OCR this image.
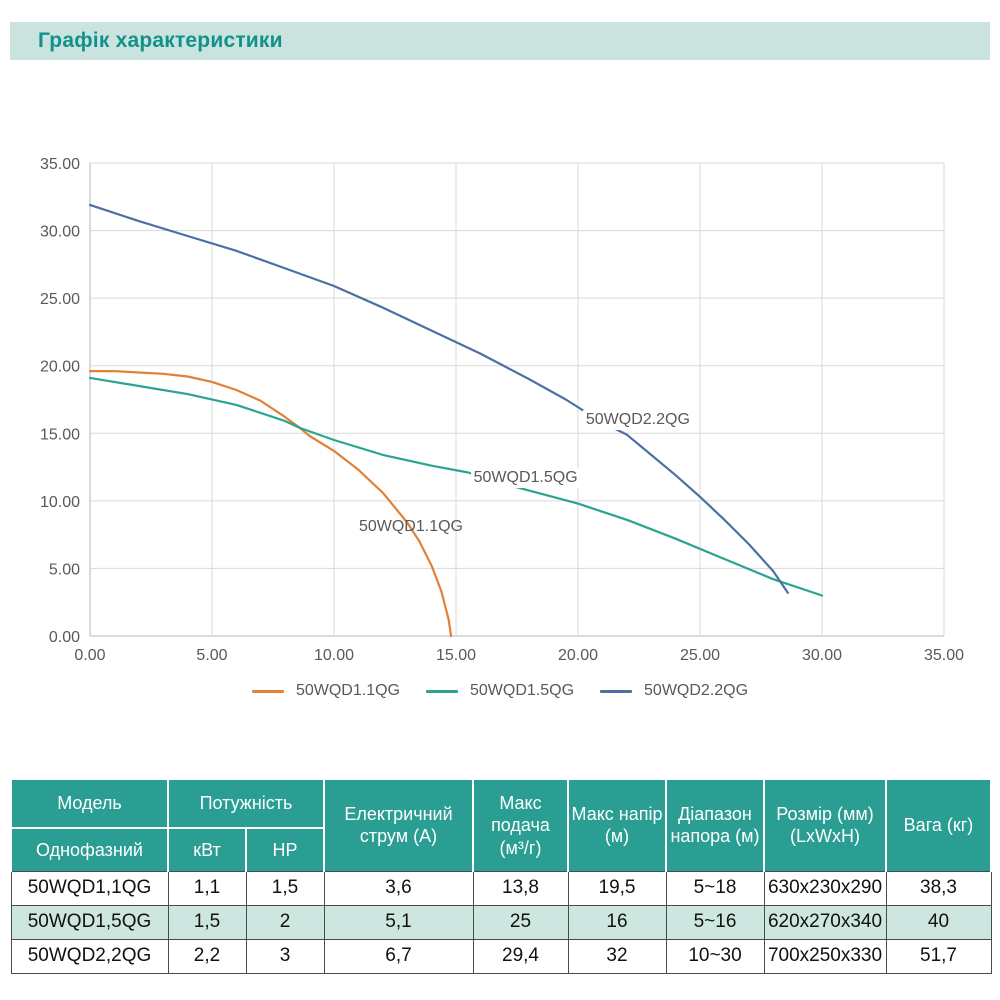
Графік характеристики
0.00
0.00
5.00
5.00
10.00
10.00
15.00
15.00
20.00
20.00
25.00
25.00
30.00
30.00
35.00
35.00
50WQD1.1QG
50WQD1.5QG
50WQD2.2QG
50WQD1.1QG	50WQD1.5QG	50WQD2.2QG
Модель	Потужність		Електричний струм (А)	Макс подача (м³/г)	Макс напір (м)	Діапазон напора (м)	Розмір (мм) (LxWxH)	Вага (кг)
Однофазний	кВт	HP						
50WQD1,1QG	1,1	1,5	3,6	13,8	19,5	5~18	630x230x290	38,3
50WQD1,5QG	1,5	2	5,1	25	16	5~16	620x270x340	40
50WQD2,2QG	2,2	3	6,7	29,4	32	10~30	700x250x330	51,7
